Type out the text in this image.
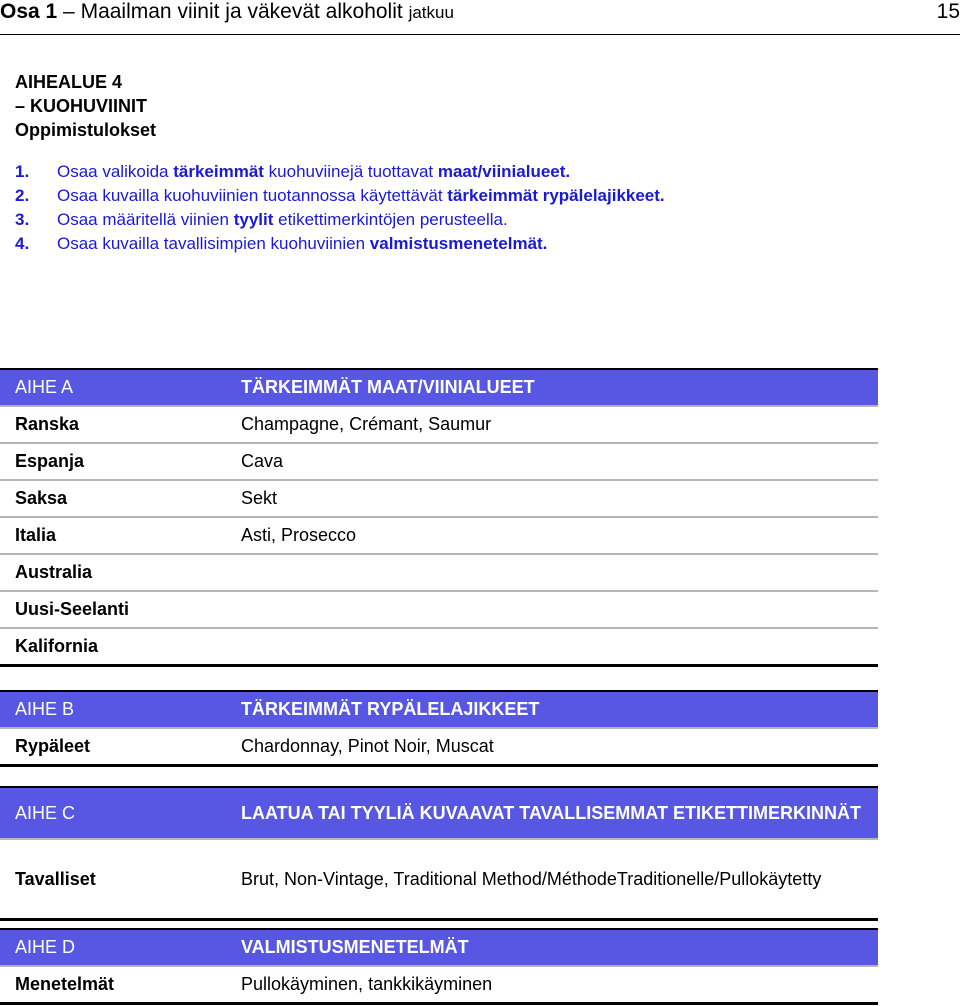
Osa 1 – Maailman viinit ja väkevät alkoholit jatkuu	15
AIHEALUE 4
– KUOHUVIINIT
Oppimistulokset
1. Osaa valikoida tärkeimmät kuohuviinejä tuottavat maat/viinialueet.
2. Osaa kuvailla kuohuviinien tuotannossa käytettävät tärkeimmät rypälelajikkeet.
3. Osaa määritellä viinien tyylit etikettimerkintöjen perusteella.
4. Osaa kuvailla tavallisimpien kuohuviinien valmistusmenetelmät.
AIHE A	TÄRKEIMMÄT MAAT/VIINIALUEET
Ranska	Champagne, Crémant, Saumur
Espanja	Cava
Saksa	Sekt
Italia	Asti, Prosecco
Australia	
Uusi-Seelanti	
Kalifornia	
AIHE B	TÄRKEIMMÄT RYPÄLELAJIKKEET
Rypäleet	Chardonnay, Pinot Noir, Muscat
AIHE C	LAATUA TAI TYYLIÄ KUVAAVAT TAVALLISEMMAT ETIKETTIMERKINNÄT
Tavalliset	Brut, Non-Vintage, Traditional Method/MéthodeTraditionelle/Pullokäytetty
AIHE D	VALMISTUSMENETELMÄT
Menetelmät	Pullokäyminen, tankkikäyminen
